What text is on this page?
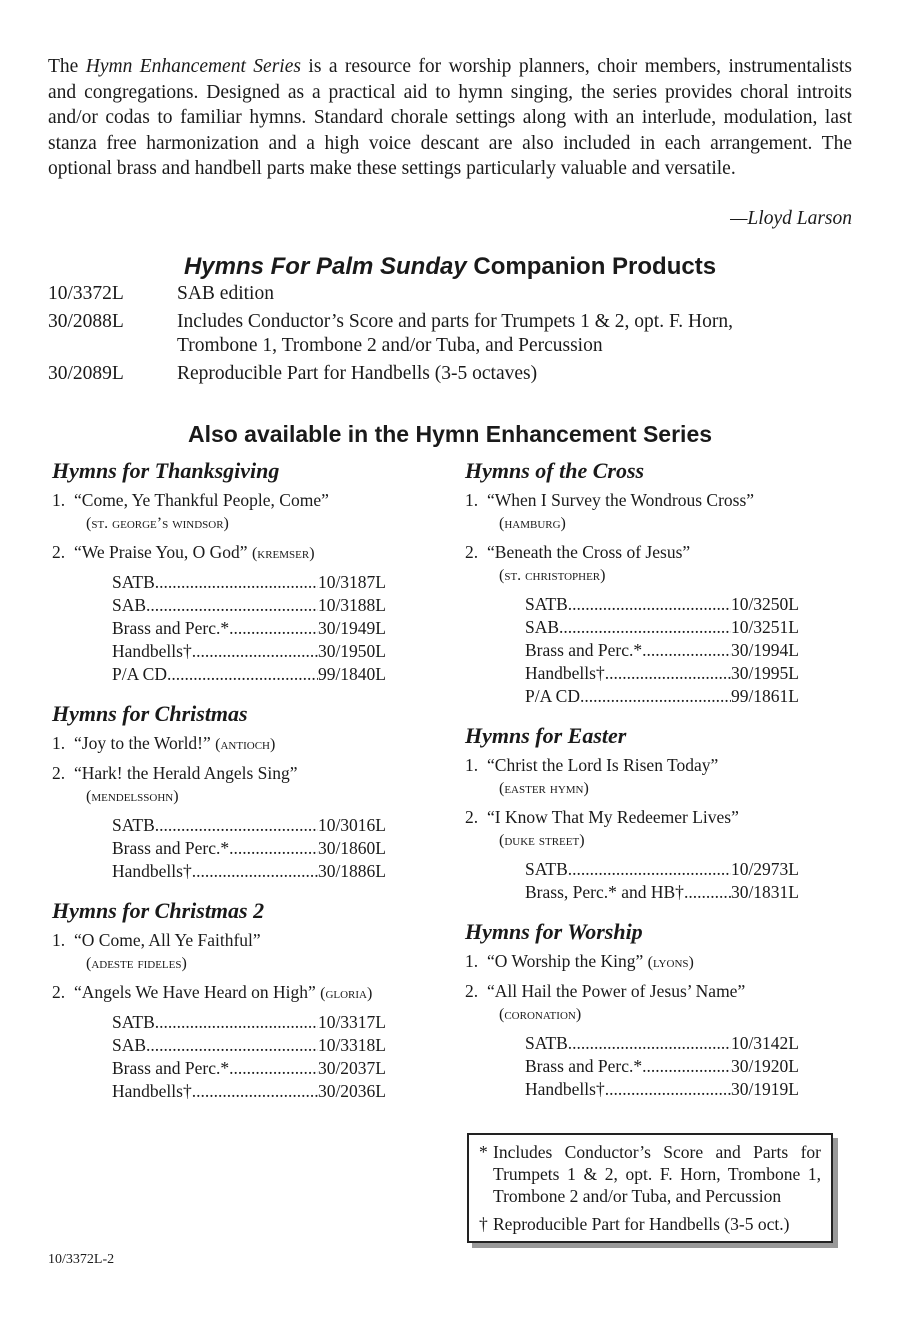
The Hymn Enhancement Series is a resource for worship planners, choir members, instrumentalists and congregations. Designed as a practical aid to hymn singing, the series provides choral introits and/or codas to familiar hymns. Standard chorale settings along with an interlude, modulation, last stanza free harmonization and a high voice descant are also included in each arrangement. The optional brass and handbell parts make these settings particularly valuable and versatile.
—Lloyd Larson
Hymns For Palm Sunday Companion Products
10/3372L	SAB edition
30/2088L	Includes Conductor’s Score and parts for Trumpets 1 & 2, opt. F. Horn, Trombone 1, Trombone 2 and/or Tuba, and Percussion
30/2089L	Reproducible Part for Handbells (3-5 octaves)
Also available in the Hymn Enhancement Series
Hymns for Thanksgiving
1. “Come, Ye Thankful People, Come”
(st. george’s windsor)
2. “We Praise You, O God” (kremser)
SATB .....	10/3187L
SAB .....	10/3188L
Brass and Perc.* .....	30/1949L
Handbells† .....	30/1950L
P/A CD .....	99/1840L
Hymns for Christmas
1. “Joy to the World!” (antioch)
2. “Hark! the Herald Angels Sing”
(mendelssohn)
SATB .....	10/3016L
Brass and Perc.* .....	30/1860L
Handbells† .....	30/1886L
Hymns for Christmas 2
1. “O Come, All Ye Faithful”
(adeste fideles)
2. “Angels We Have Heard on High” (gloria)
SATB .....	10/3317L
SAB .....	10/3318L
Brass and Perc.* .....	30/2037L
Handbells† .....	30/2036L
Hymns of the Cross
1. “When I Survey the Wondrous Cross”
(hamburg)
2. “Beneath the Cross of Jesus”
(st. christopher)
SATB .....	10/3250L
SAB .....	10/3251L
Brass and Perc.* .....	30/1994L
Handbells† .....	30/1995L
P/A CD .....	99/1861L
Hymns for Easter
1. “Christ the Lord Is Risen Today”
(easter hymn)
2. “I Know That My Redeemer Lives”
(duke street)
SATB .....	10/2973L
Brass, Perc.* and HB† .....	30/1831L
Hymns for Worship
1. “O Worship the King” (lyons)
2. “All Hail the Power of Jesus’ Name”
(coronation)
SATB .....	10/3142L
Brass and Perc.* .....	30/1920L
Handbells† .....	30/1919L
* Includes Conductor’s Score and Parts for Trumpets 1 & 2, opt. F. Horn, Trombone 1, Trombone 2 and/or Tuba, and Percussion
† Reproducible Part for Handbells (3-5 oct.)
10/3372L-2
